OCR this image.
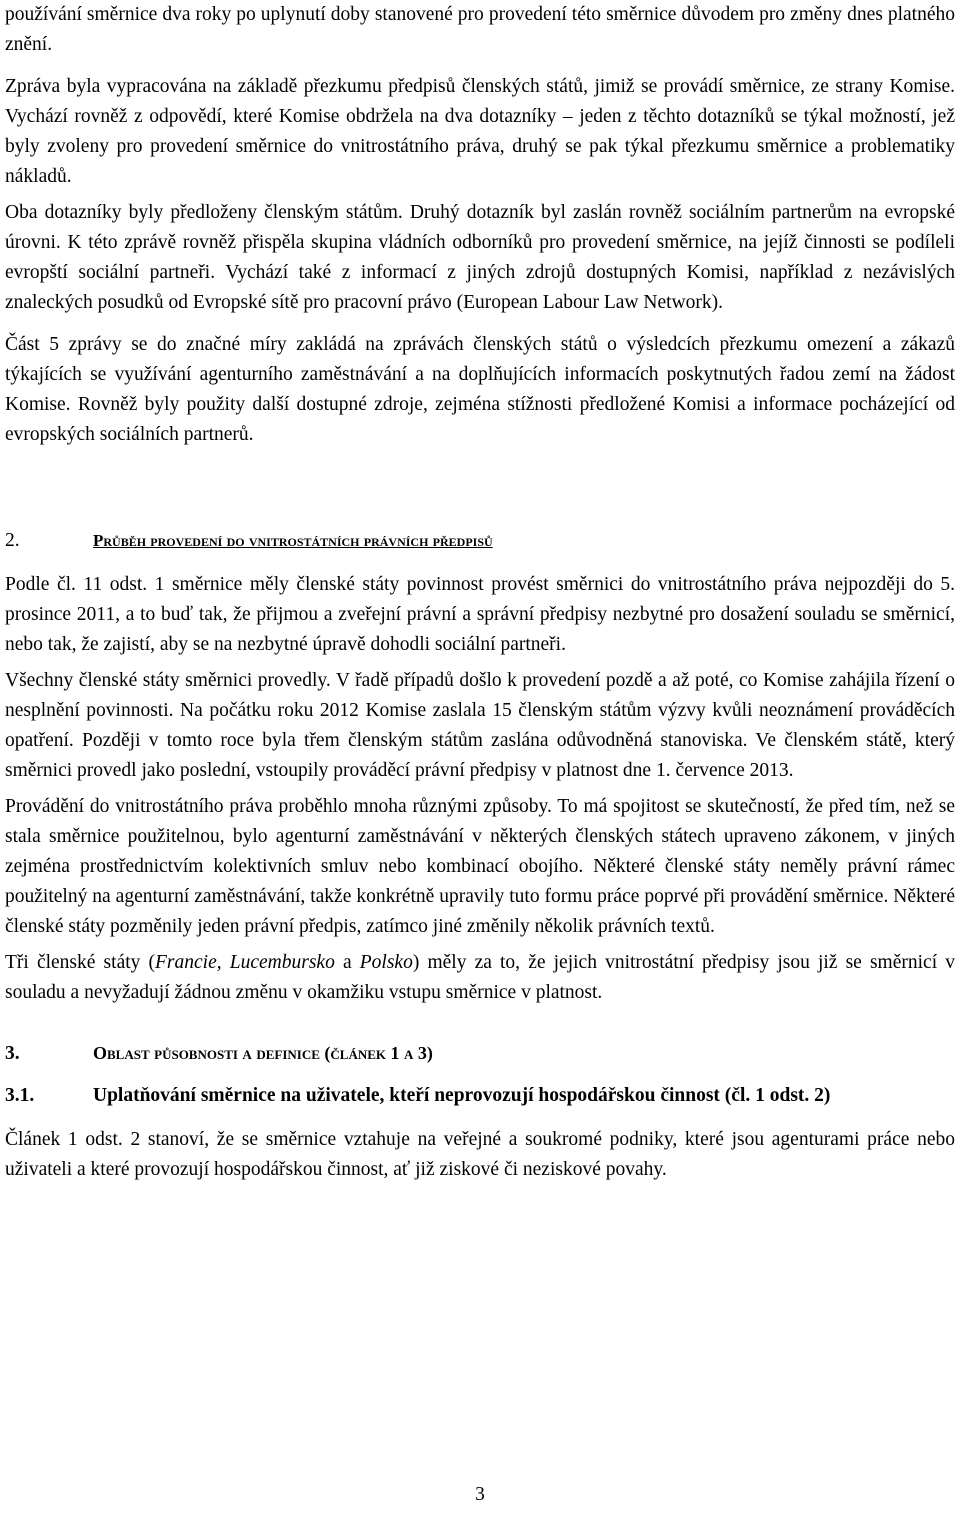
používání směrnice dva roky po uplynutí doby stanovené pro provedení této směrnice důvodem pro změny dnes platného znění.

Zpráva byla vypracována na základě přezkumu předpisů členských států, jimiž se provádí směrnice, ze strany Komise. Vychází rovněž z odpovědí, které Komise obdržela na dva dotazníky – jeden z těchto dotazníků se týkal možností, jež byly zvoleny pro provedení směrnice do vnitrostátního práva, druhý se pak týkal přezkumu směrnice a problematiky nákladů.

Oba dotazníky byly předloženy členským státům. Druhý dotazník byl zaslán rovněž sociálním partnerům na evropské úrovni. K této zprávě rovněž přispěla skupina vládních odborníků pro provedení směrnice, na jejíž činnosti se podíleli evropští sociální partneři. Vychází také z informací z jiných zdrojů dostupných Komisi, například z nezávislých znaleckých posudků od Evropské sítě pro pracovní právo (European Labour Law Network).

Část 5 zprávy se do značné míry zakládá na zprávách členských států o výsledcích přezkumu omezení a zákazů týkajících se využívání agenturního zaměstnávání a na doplňujících informacích poskytnutých řadou zemí na žádost Komise. Rovněž byly použity další dostupné zdroje, zejména stížnosti předložené Komisi a informace pocházející od evropských sociálních partnerů.

2.	Průběh provedení do vnitrostátních právních předpisů

Podle čl. 11 odst. 1 směrnice měly členské státy povinnost provést směrnici do vnitrostátního práva nejpozději do 5. prosince 2011, a to buď tak, že přijmou a zveřejní právní a správní předpisy nezbytné pro dosažení souladu se směrnicí, nebo tak, že zajistí, aby se na nezbytné úpravě dohodli sociální partneři.

Všechny členské státy směrnici provedly. V řadě případů došlo k provedení pozdě a až poté, co Komise zahájila řízení o nesplnění povinnosti. Na počátku roku 2012 Komise zaslala 15 členským státům výzvy kvůli neoznámení prováděcích opatření. Později v tomto roce byla třem členským státům zaslána odůvodněná stanoviska. Ve členském státě, který směrnici provedl jako poslední, vstoupily prováděcí právní předpisy v platnost dne 1. července 2013.

Provádění do vnitrostátního práva proběhlo mnoha různými způsoby. To má spojitost se skutečností, že před tím, než se stala směrnice použitelnou, bylo agenturní zaměstnávání v některých členských státech upraveno zákonem, v jiných zejména prostřednictvím kolektivních smluv nebo kombinací obojího. Některé členské státy neměly právní rámec použitelný na agenturní zaměstnávání, takže konkrétně upravily tuto formu práce poprvé při provádění směrnice. Některé členské státy pozměnily jeden právní předpis, zatímco jiné změnily několik právních textů.

Tři členské státy (Francie, Lucembursko a Polsko) měly za to, že jejich vnitrostátní předpisy jsou již se směrnicí v souladu a nevyžadují žádnou změnu v okamžiku vstupu směrnice v platnost.

3.	Oblast působnosti a definice (článek 1 a 3)
3.1.	Uplatňování směrnice na uživatele, kteří neprovozují hospodářskou činnost (čl. 1 odst. 2)

Článek 1 odst. 2 stanoví, že se směrnice vztahuje na veřejné a soukromé podniky, které jsou agenturami práce nebo uživateli a které provozují hospodářskou činnost, ať již ziskové či neziskové povahy.

3
